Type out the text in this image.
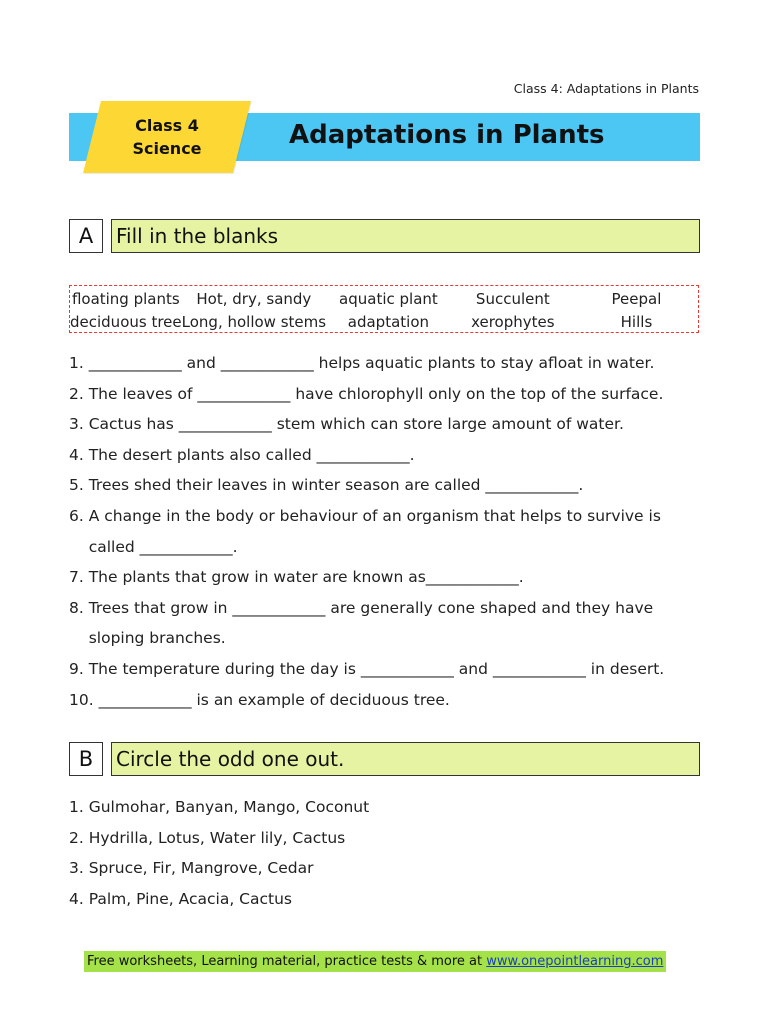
Class 4: Adaptations in Plants
Adaptations in Plants
Class 4
Science
A	Fill in the blanks
floating plants	Hot, dry, sandy	aquatic plant	Succulent	Peepal
deciduous tree	Long, hollow stems	adaptation	xerophytes	Hills
1. ____________ and ____________ helps aquatic plants to stay afloat in water.
2. The leaves of ____________ have chlorophyll only on the top of the surface.
3. Cactus has ____________ stem which can store large amount of water.
4. The desert plants also called ____________.
5. Trees shed their leaves in winter season are called ____________.
6. A change in the body or behaviour of an organism that helps to survive is
called ____________.
7. The plants that grow in water are known as____________.
8. Trees that grow in ____________ are generally cone shaped and they have
sloping branches.
9. The temperature during the day is ____________ and ____________ in desert.
10. ____________ is an example of deciduous tree.
B	Circle the odd one out.
1. Gulmohar, Banyan, Mango, Coconut
2. Hydrilla, Lotus, Water lily, Cactus
3. Spruce, Fir, Mangrove, Cedar
4. Palm, Pine, Acacia, Cactus
Free worksheets, Learning material, practice tests & more at www.onepointlearning.com
